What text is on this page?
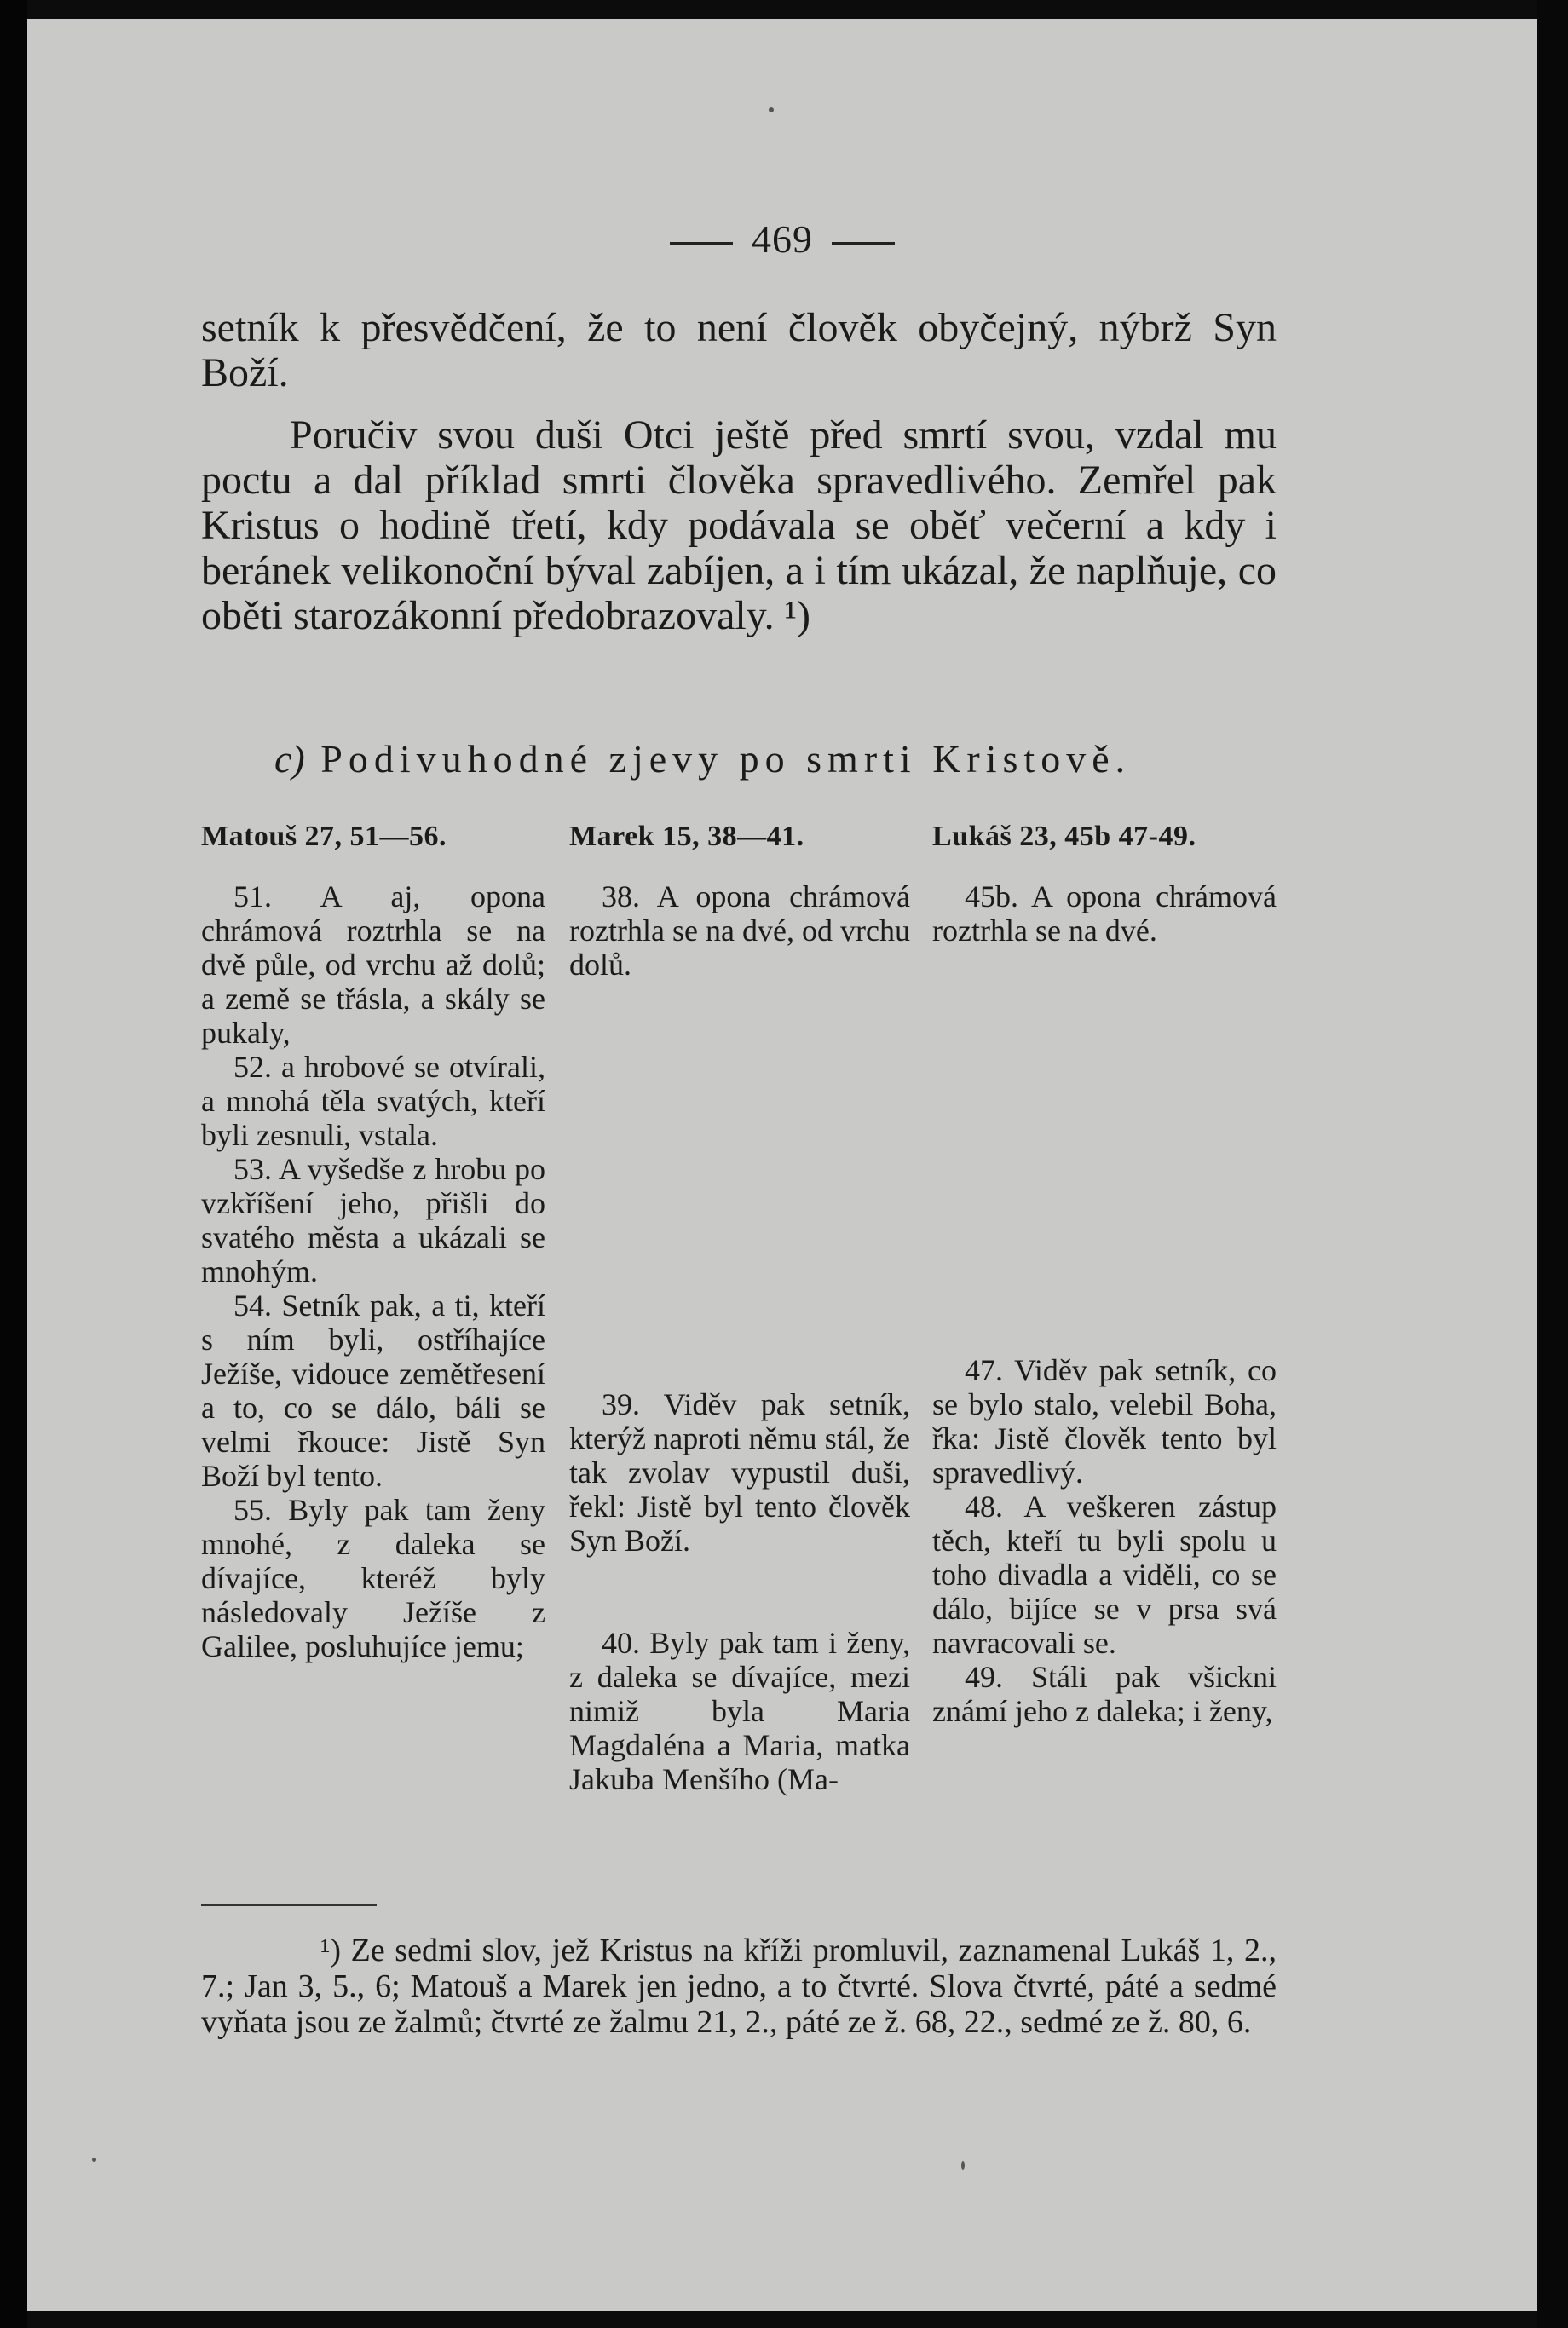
469

setník k přesvědčení, že to není člověk obyčejný, nýbrž Syn Boží.

Poručiv svou duši Otci ještě před smrtí svou, vzdal mu poctu a dal příklad smrti člověka spravedlivého. Zemřel pak Kristus o hodině třetí, kdy podávala se oběť večerní a kdy i beránek velikonoční býval zabíjen, a i tím ukázal, že naplňuje, co oběti starozákonní předobrazovaly. ¹)

c) Podivuhodné zjevy po smrti Kristově.
Matouš 27, 51—56.

51. A aj, opona chrámová roztrhla se na dvě půle, od vrchu až dolů; a země se třásla, a skály se pukaly,

52. a hrobové se otvírali, a mnohá těla svatých, kteří byli zesnuli, vstala.

53. A vyšedše z hrobu po vzkříšení jeho, přišli do svatého města a ukázali se mnohým.

54. Setník pak, a ti, kteří s ním byli, ostříhajíce Ježíše, vidouce zemětřesení a to, co se dálo, báli se velmi řkouce: Jistě Syn Boží byl tento.

55. Byly pak tam ženy mnohé, z daleka se dívajíce, kteréž byly následovaly Ježíše z Galilee, posluhujíce jemu;

Marek 15, 38—41.

38. A opona chrámová roztrhla se na dvé, od vrchu dolů.

39. Viděv pak setník, kterýž naproti němu stál, že tak zvolav vypustil duši, řekl: Jistě byl tento člověk Syn Boží.

40. Byly pak tam i ženy, z daleka se dívajíce, mezi nimiž byla Maria Magdaléna a Maria, matka Jakuba Menšího (Ma-

Lukáš 23, 45b 47-49.

45b. A opona chrámová roztrhla se na dvé.

47. Viděv pak setník, co se bylo stalo, velebil Boha, řka: Jistě člověk tento byl spravedlivý.

48. A veškeren zástup těch, kteří tu byli spolu u toho divadla a viděli, co se dálo, bijíce se v prsa svá navracovali se.

49. Stáli pak všickni známí jeho z daleka; i ženy,

¹) Ze sedmi slov, jež Kristus na kříži promluvil, zaznamenal Lukáš 1, 2., 7.; Jan 3, 5., 6; Matouš a Marek jen jedno, a to čtvrté. Slova čtvrté, páté a sedmé vyňata jsou ze žalmů; čtvrté ze žalmu 21, 2., páté ze ž. 68, 22., sedmé ze ž. 80, 6.
